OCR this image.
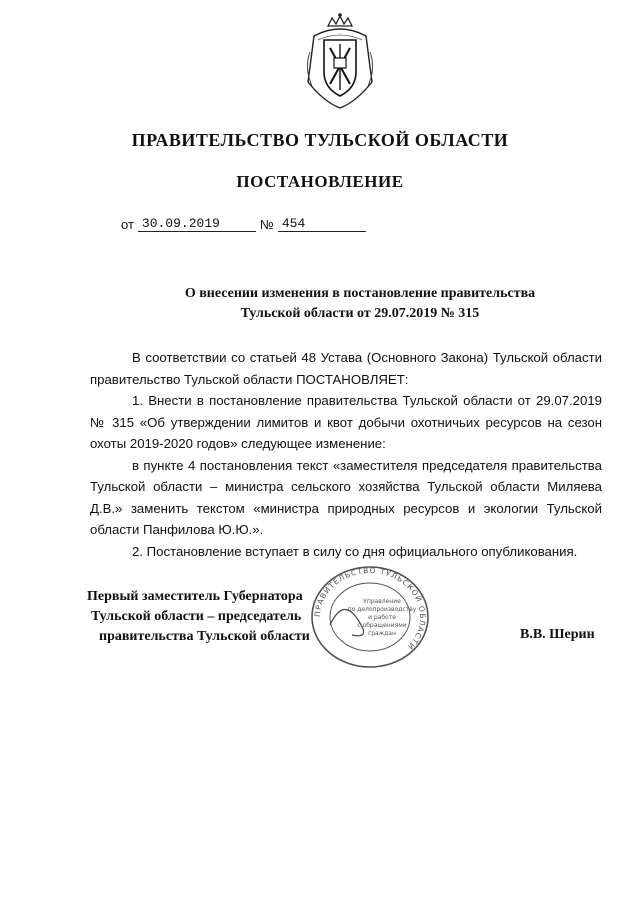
ПРАВИТЕЛЬСТВО ТУЛЬСКОЙ ОБЛАСТИ
ПОСТАНОВЛЕНИЕ
от 30.09.2019	№ 454
О внесении изменения в постановление правительства
Тульской области от 29.07.2019 № 315

В соответствии со статьей 48 Устава (Основного Закона) Тульской области правительство Тульской области ПОСТАНОВЛЯЕТ:

1. Внести в постановление правительства Тульской области от 29.07.2019 № 315 «Об утверждении лимитов и квот добычи охотничьих ресурсов на сезон охоты 2019-2020 годов» следующее изменение:

в пункте 4 постановления текст «заместителя председателя правительства Тульской области – министра сельского хозяйства Тульской области Миляева Д.В.» заменить текстом «министра природных ресурсов и экологии Тульской области Панфилова Ю.Ю.».

2. Постановление вступает в силу со дня официального опубликования.

Первый заместитель Губернатора
Тульской области – председатель
правительства Тульской области	В.В. Шерин
ПРАВИТЕЛЬСТВО ТУЛЬСКОЙ ОБЛАСТИ
Управление
по делопроизводству
и работе
с обращениями
граждан
